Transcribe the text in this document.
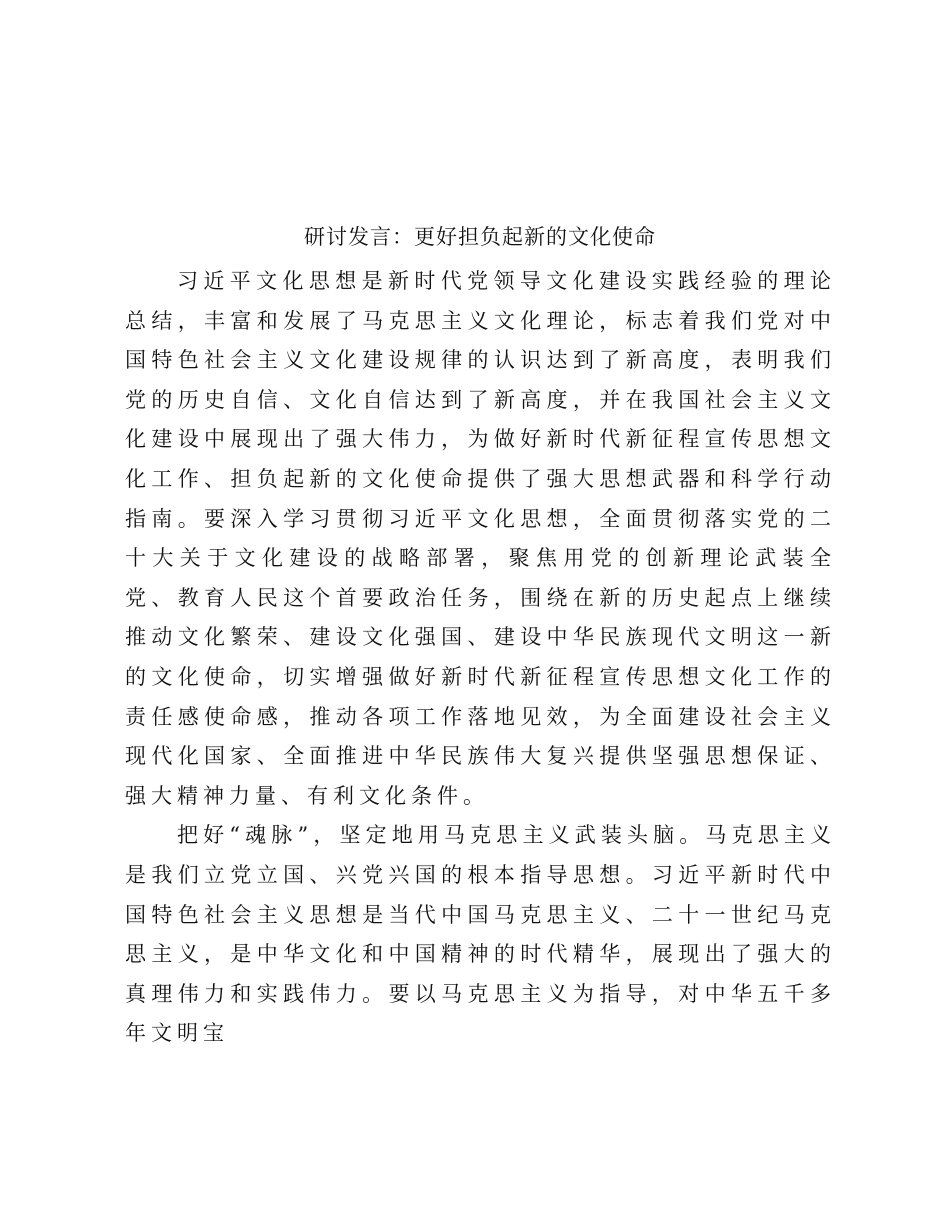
研讨发言：更好担负起新的文化使命

习近平文化思想是新时代党领导文化建设实践经验的理论总结，丰富和发展了马克思主义文化理论，标志着我们党对中国特色社会主义文化建设规律的认识达到了新高度，表明我们党的历史自信、文化自信达到了新高度，并在我国社会主义文化建设中展现出了强大伟力，为做好新时代新征程宣传思想文化工作、担负起新的文化使命提供了强大思想武器和科学行动指南。要深入学习贯彻习近平文化思想，全面贯彻落实党的二十大关于文化建设的战略部署，聚焦用党的创新理论武装全党、教育人民这个首要政治任务，围绕在新的历史起点上继续推动文化繁荣、建设文化强国、建设中华民族现代文明这一新的文化使命，切实增强做好新时代新征程宣传思想文化工作的责任感使命感，推动各项工作落地见效，为全面建设社会主义现代化国家、全面推进中华民族伟大复兴提供坚强思想保证、强大精神力量、有利文化条件。

把好“魂脉”，坚定地用马克思主义武装头脑。马克思主义是我们立党立国、兴党兴国的根本指导思想。习近平新时代中国特色社会主义思想是当代中国马克思主义、二十一世纪马克思主义，是中华文化和中国精神的时代精华，展现出了强大的真理伟力和实践伟力。要以马克思主义为指导，对中华五千多年文明宝
